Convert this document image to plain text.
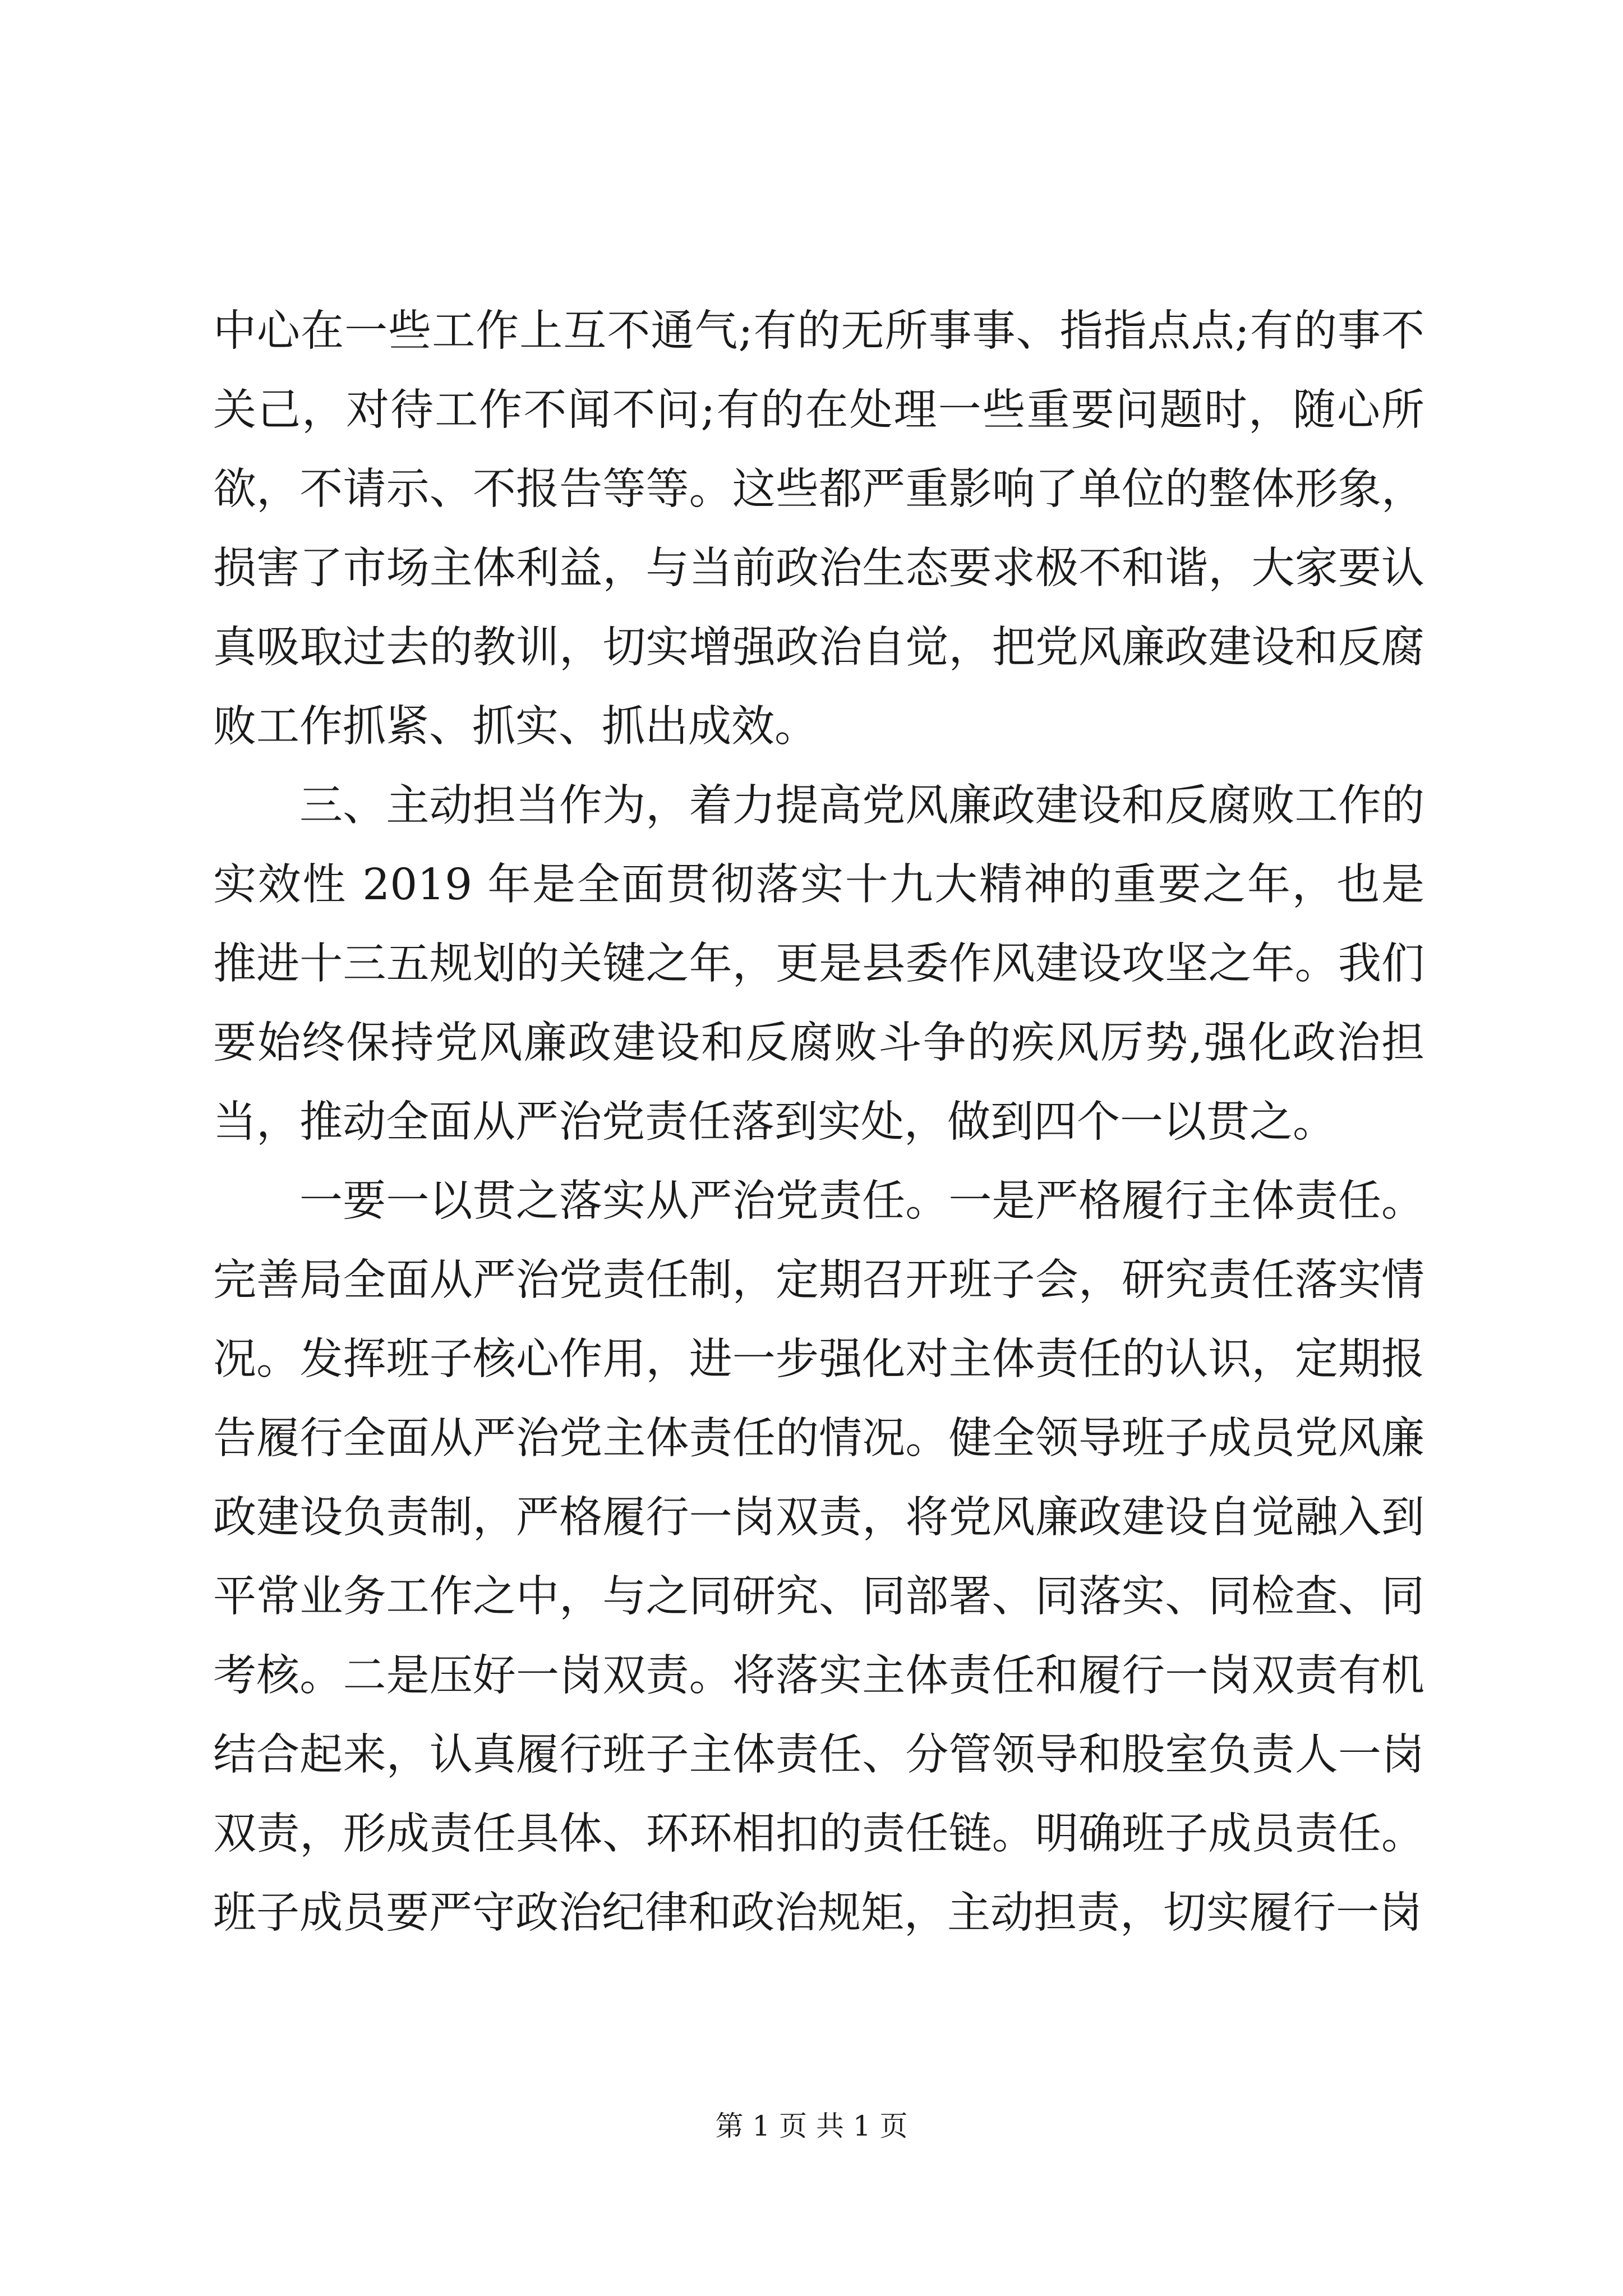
中心在一些工作上互不通气;有的无所事事、指指点点;有的事不关己，对待工作不闻不问;有的在处理一些重要问题时，随心所欲，不请示、不报告等等。这些都严重影响了单位的整体形象，损害了市场主体利益，与当前政治生态要求极不和谐，大家要认真吸取过去的教训，切实增强政治自觉，把党风廉政建设和反腐败工作抓紧、抓实、抓出成效。

三、主动担当作为，着力提高党风廉政建设和反腐败工作的实效性 2019 年是全面贯彻落实十九大精神的重要之年，也是推进十三五规划的关键之年，更是县委作风建设攻坚之年。我们要始终保持党风廉政建设和反腐败斗争的疾风厉势,强化政治担当，推动全面从严治党责任落到实处，做到四个一以贯之。

一要一以贯之落实从严治党责任。一是严格履行主体责任。完善局全面从严治党责任制，定期召开班子会，研究责任落实情况。发挥班子核心作用，进一步强化对主体责任的认识，定期报告履行全面从严治党主体责任的情况。健全领导班子成员党风廉政建设负责制，严格履行一岗双责，将党风廉政建设自觉融入到平常业务工作之中，与之同研究、同部署、同落实、同检查、同考核。二是压好一岗双责。将落实主体责任和履行一岗双责有机结合起来，认真履行班子主体责任、分管领导和股室负责人一岗双责，形成责任具体、环环相扣的责任链。明确班子成员责任。班子成员要严守政治纪律和政治规矩，主动担责，切实履行一岗

第 1 页 共 1 页
